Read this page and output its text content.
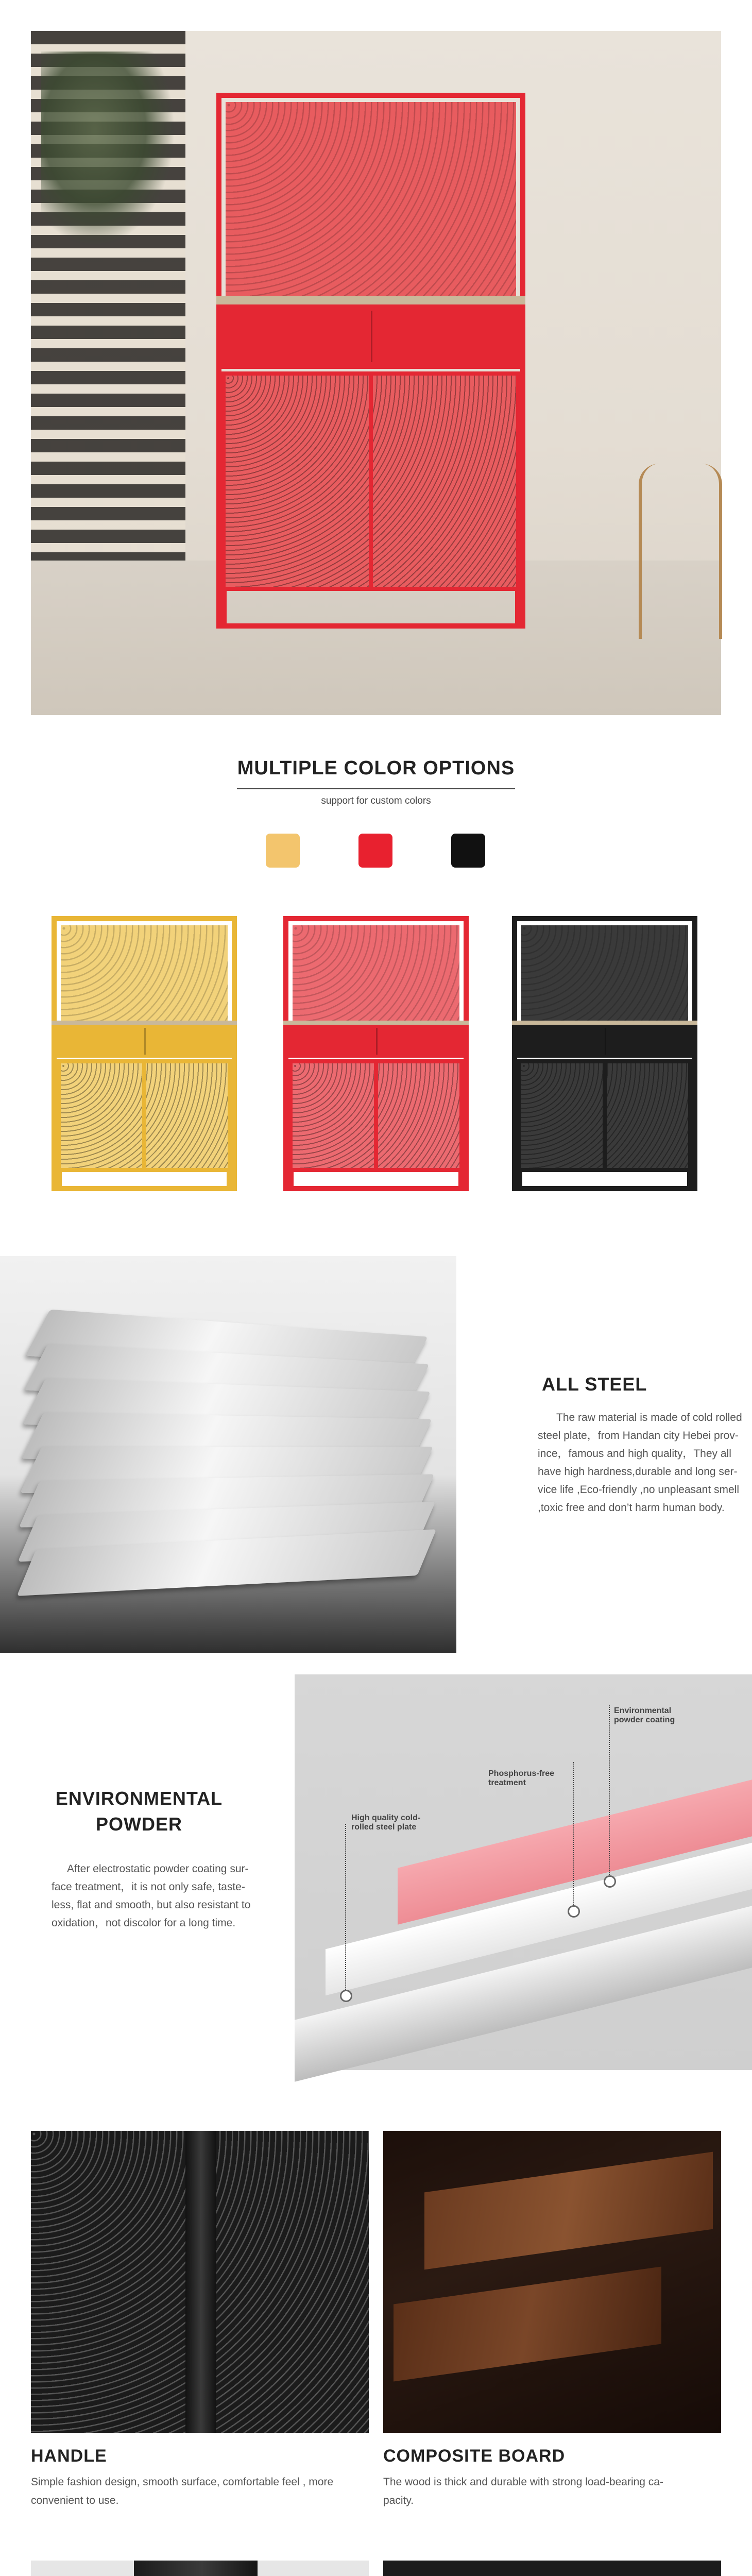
MULTIPLE COLOR OPTIONS
support for custom colors
ALL STEEL
The raw material is made of cold rolled
steel plate，from Handan city Hebei prov-
ince，famous and high quality，They all
have high hardness,durable and long ser-
vice life ,Eco-friendly ,no unpleasant smell
,toxic free and don’t harm human body.
Environmental
powder coating
Phosphorus-free
treatment
High quality cold-
rolled steel plate
ENVIRONMENTAL
POWDER
After electrostatic powder coating sur-
face treatment，it is not only safe, taste-
less, flat and smooth, but also resistant to
oxidation，not discolor for a long time.
HANDLE
Simple fashion design, smooth surface, comfortable feel , more
convenient to use.
COMPOSITE BOARD
The wood is thick and durable with strong load-bearing ca-
pacity.
